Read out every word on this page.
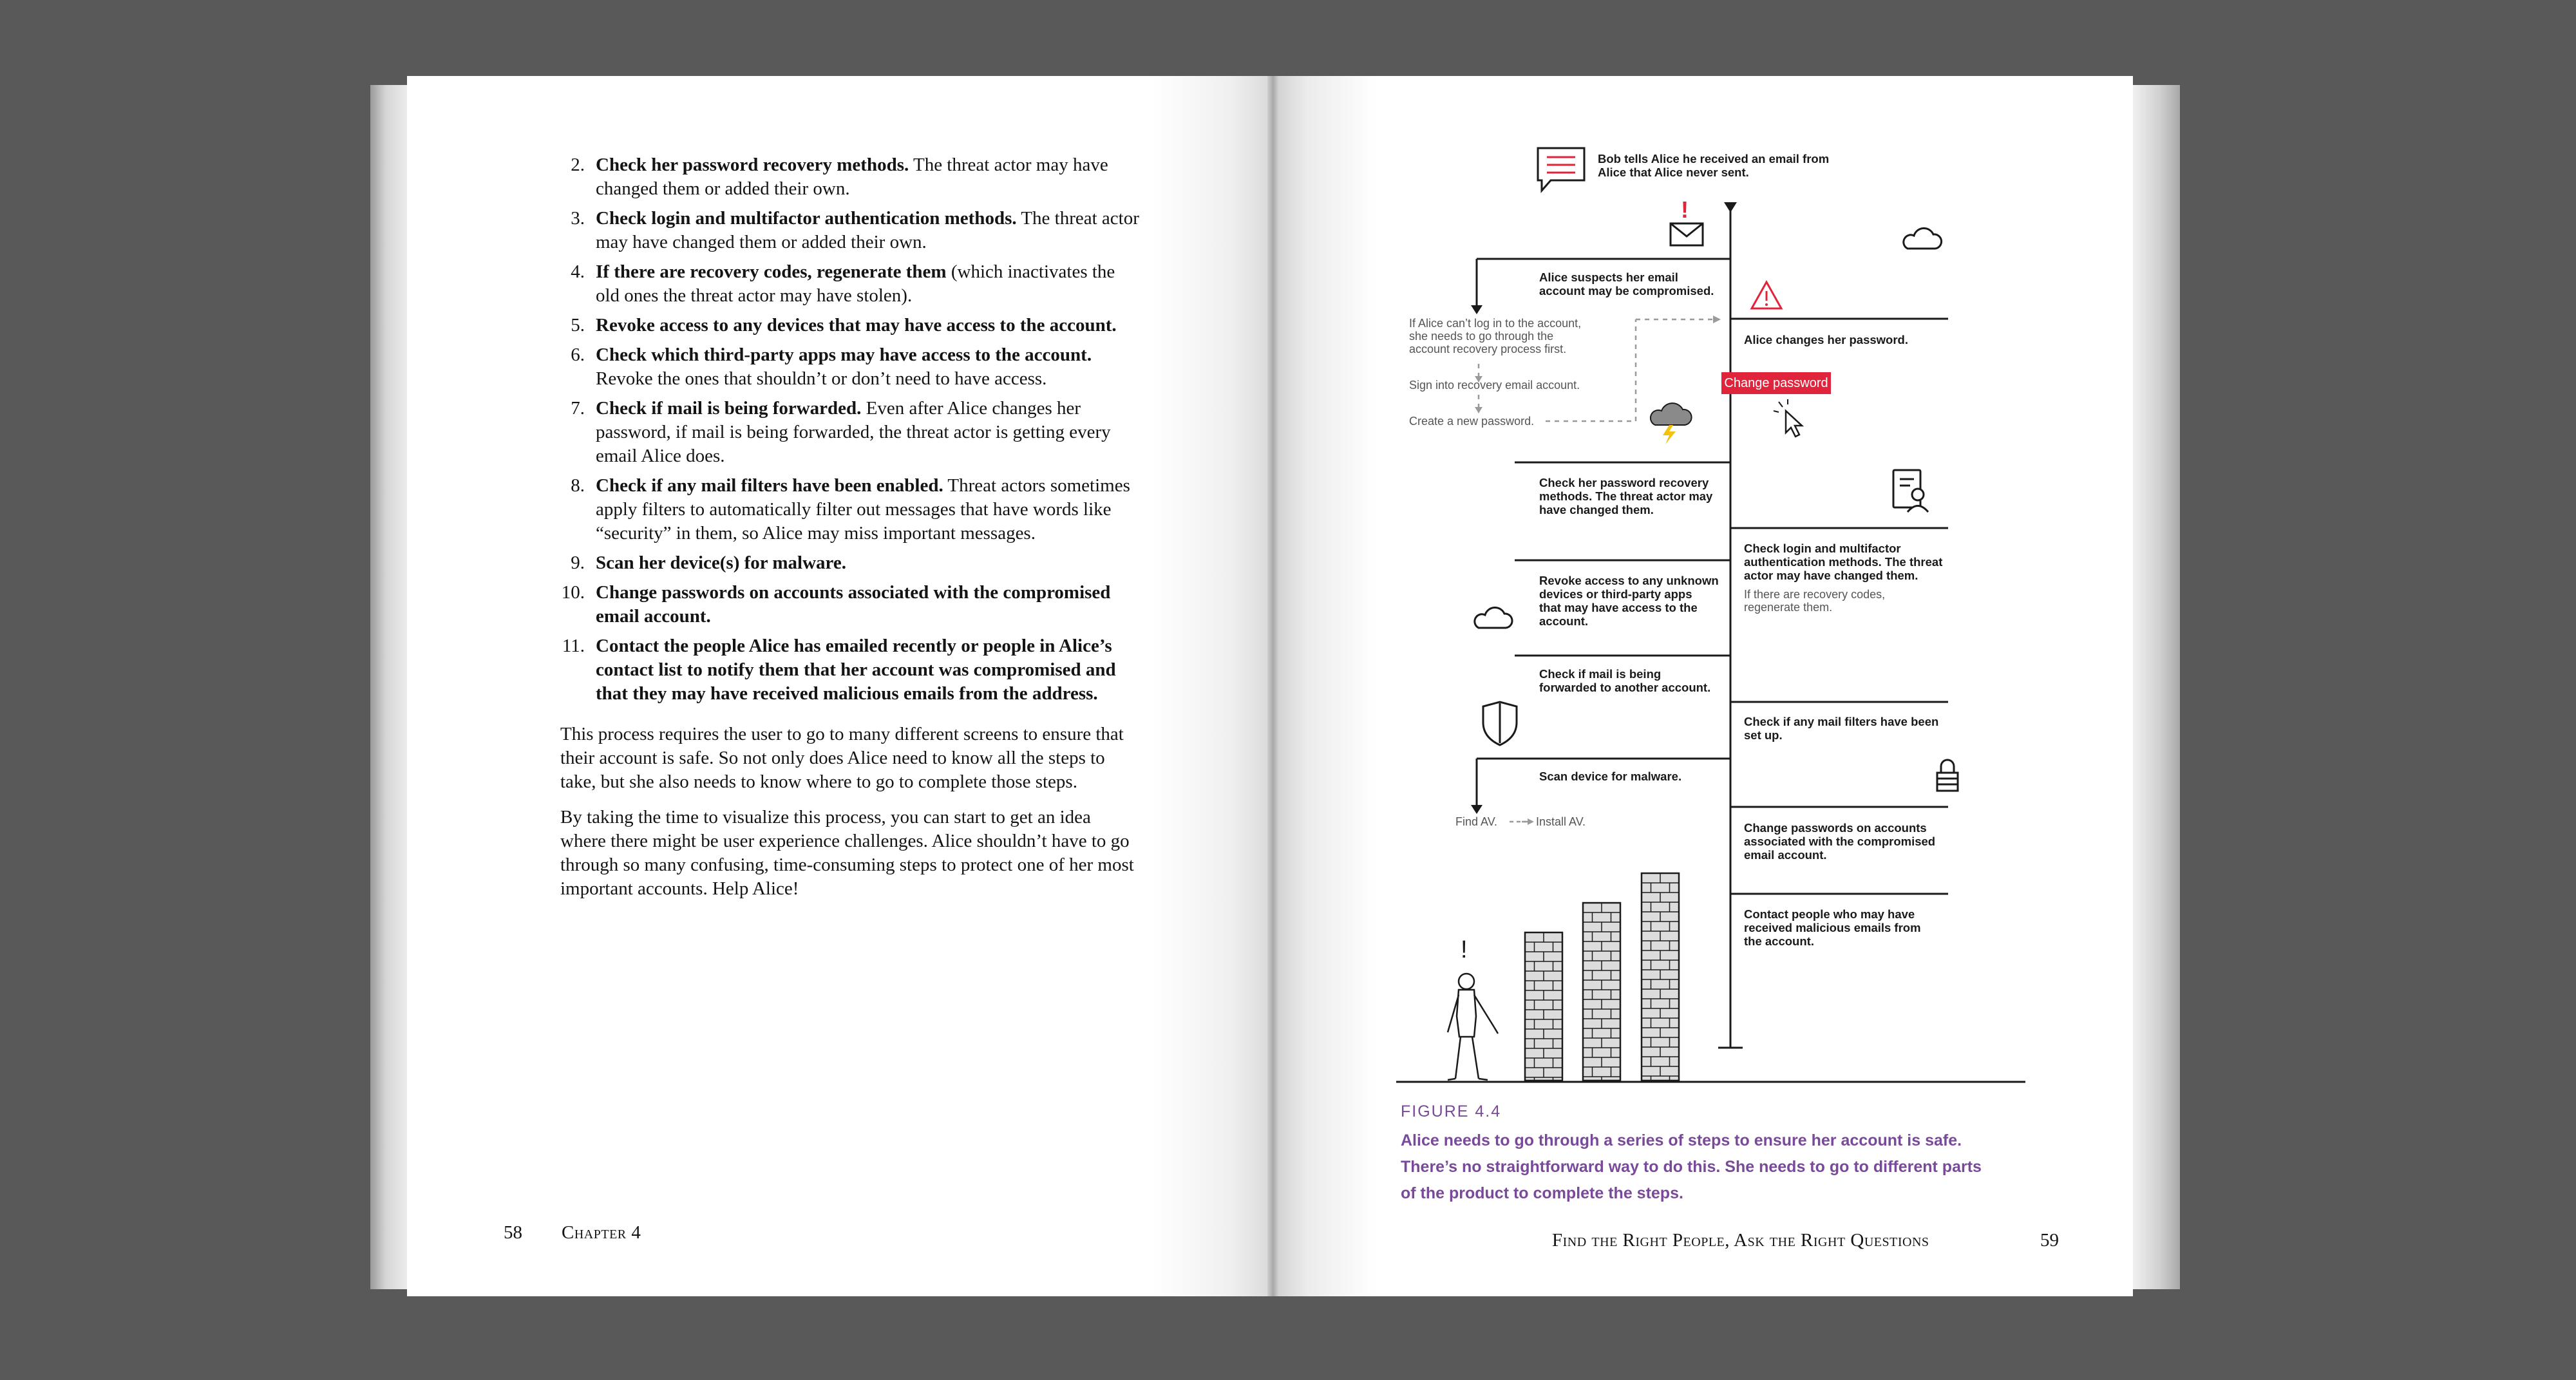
2. Check her password recovery methods. The threat actor may have changed them or added their own.
3. Check login and multifactor authentication methods. The threat actor may have changed them or added their own.
4. If there are recovery codes, regenerate them (which inactivates the old ones the threat actor may have stolen).
5. Revoke access to any devices that may have access to the account.
6. Check which third-party apps may have access to the account. Revoke the ones that shouldn’t or don’t need to have access.
7. Check if mail is being forwarded. Even after Alice changes her password, if mail is being forwarded, the threat actor is getting every email Alice does.
8. Check if any mail filters have been enabled. Threat actors sometimes apply filters to automatically filter out messages that have words like “security” in them, so Alice may miss important messages.
9. Scan her device(s) for malware.
10. Change passwords on accounts associated with the compromised email account.
11. Contact the people Alice has emailed recently or people in Alice’s contact list to notify them that her account was compromised and that they may have received malicious emails from the address.

This process requires the user to go to many different screens to ensure that their account is safe. So not only does Alice need to know all the steps to take, but she also needs to know where to go to complete those steps.

By taking the time to visualize this process, you can start to get an idea where there might be user experience challenges. Alice shouldn’t have to go through so many confusing, time-consuming steps to protect one of her most important accounts. Help Alice!

58 Chapter 4
!
Change password
!
Bob tells Alice he received an email from
Alice that Alice never sent.
Alice suspects her email
account may be compromised.
Alice changes her password.
Check her password recovery
methods. The threat actor may
have changed them.
Check login and multifactor
authentication methods. The threat
actor may have changed them.
Revoke access to any unknown
devices or third-party apps
that may have access to the
account.
Check if mail is being
forwarded to another account.
Check if any mail filters have been
set up.
Scan device for malware.
Change passwords on accounts
associated with the compromised
email account.
Contact people who may have
received malicious emails from
the account.
If Alice can’t log in to the account,
she needs to go through the
account recovery process first.
Sign into recovery email account.
Create a new password.
If there are recovery codes,
regenerate them.
Find AV.	Install AV.
FIGURE 4.4
Alice needs to go through a series of steps to ensure her account is safe.
There’s no straightforward way to do this. She needs to go to different parts
of the product to complete the steps.
Find the Right People, Ask the Right Questions	59
